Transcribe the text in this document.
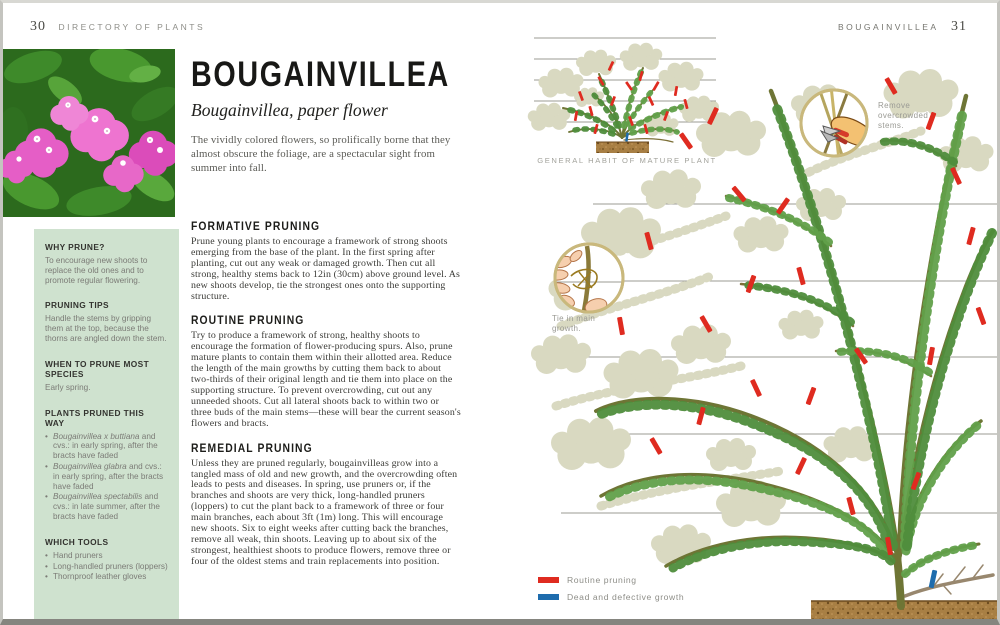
30 DIRECTORY OF PLANTS	BOUGAINVILLEA 31
BOUGAINVILLEA
Bougainvillea, paper flower
The vividly colored flowers, so prolifically borne that they almost obscure the foliage, are a spectacular sight from summer into fall.
WHY PRUNE?

To encourage new shoots to replace the old ones and to promote regular flowering.

PRUNING TIPS

Handle the stems by gripping them at the top, because the thorns are angled down the stem.

WHEN TO PRUNE MOST SPECIES

Early spring.

PLANTS PRUNED THIS WAY
• Bougainvillea x buttiana and cvs.: in early spring, after the bracts have faded
• Bougainvillea glabra and cvs.: in early spring, after the bracts have faded
• Bougainvillea spectabilis and cvs.: in late summer, after the bracts have faded
WHICH TOOLS
• Hand pruners
• Long-handled pruners (loppers)
• Thornproof leather gloves
FORMATIVE PRUNING

Prune young plants to encourage a framework of strong shoots emerging from the base of the plant. In the first spring after planting, cut out any weak or damaged growth. Then cut all strong, healthy stems back to 12in (30cm) above ground level. As new shoots develop, tie the strongest ones onto the supporting structure.

ROUTINE PRUNING

Try to produce a framework of strong, healthy shoots to encourage the formation of flower-producing spurs. Also, prune mature plants to contain them within their allotted area. Reduce the length of the main growths by cutting them back to about two-thirds of their original length and tie them into place on the supporting structure. To prevent overcrowding, cut out any unneeded shoots. Cut all lateral shoots back to within two or three buds of the main stems—these will bear the current season's flowers and bracts.

REMEDIAL PRUNING

Unless they are pruned regularly, bougainvilleas grow into a tangled mass of old and new growth, and the overcrowding often leads to pests and diseases. In spring, use pruners or, if the branches and shoots are very thick, long-handled pruners (loppers) to cut the plant back to a framework of three or four main branches, each about 3ft (1m) long. This will encourage new shoots. Six to eight weeks after cutting back the branches, remove all weak, thin shoots. Leaving up to about six of the strongest, healthiest shoots to produce flowers, remove three or four of the oldest stems and train replacements into position.

GENERAL HABIT OF MATURE PLANT
Remove overcrowded stems.
Tie in main growth.
Routine pruning
Dead and defective growth
